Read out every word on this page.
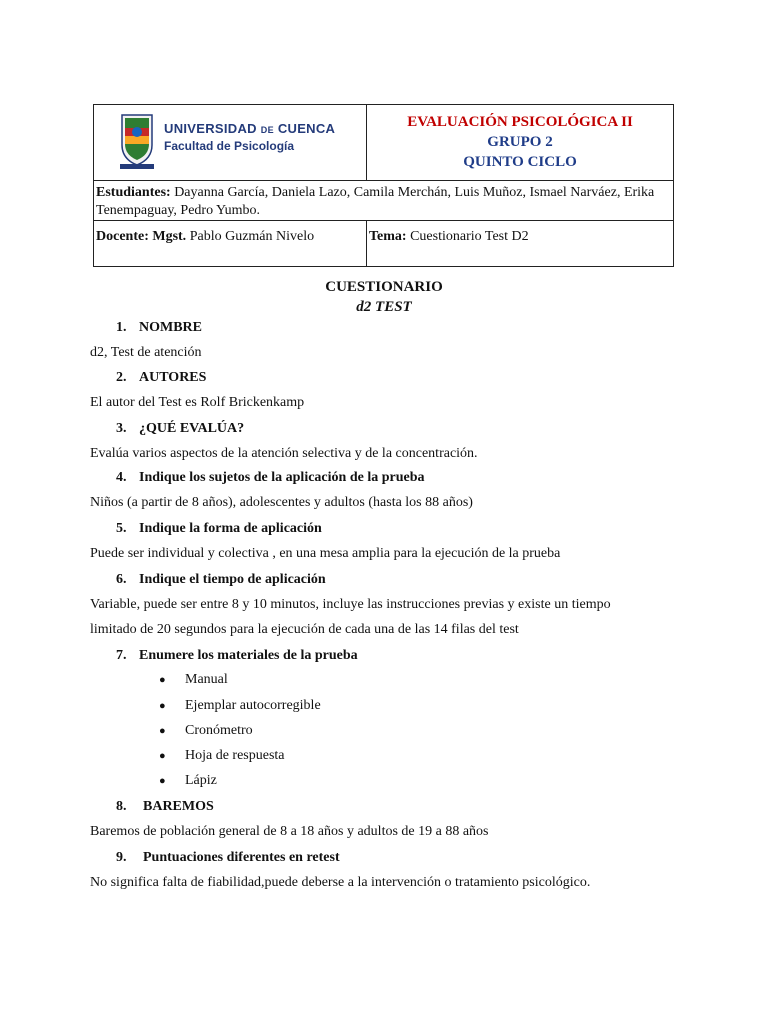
UNIVERSIDAD DE CUENCA
Facultad de Psicología	EVALUACIÓN PSICOLÓGICA II
GRUPO 2
QUINTO CICLO

Estudiantes: Dayanna García, Daniela Lazo, Camila Merchán, Luis Muñoz, Ismael Narváez, Erika Tenempaguay, Pedro Yumbo.	
Docente: Mgst. Pablo Guzmán Nivelo	Tema: Cuestionario Test D2
CUESTIONARIO
d2 TEST
1. NOMBRE
d2, Test de atención
2. AUTORES
El autor del Test es Rolf Brickenkamp
3. ¿QUÉ EVALÚA?
Evalúa varios aspectos de la atención selectiva y de la concentración.
4. Indique los sujetos de la aplicación de la prueba
Niños (a partir de 8 años), adolescentes y adultos (hasta los 88 años)
5. Indique la forma de aplicación
Puede ser individual y colectiva , en una mesa amplia para la ejecución de la prueba
6. Indique el tiempo de aplicación
Variable, puede ser entre 8 y 10 minutos, incluye las instrucciones previas y existe un tiempo
limitado de 20 segundos para la ejecución de cada una de las 14 filas del test
7. Enumere los materiales de la prueba
● Manual
● Ejemplar autocorregible
● Cronómetro
● Hoja de respuesta
● Lápiz
8. BAREMOS
Baremos de población general de 8 a 18 años y adultos de 19 a 88 años
9. Puntuaciones diferentes en retest
No significa falta de fiabilidad,puede deberse a la intervención o tratamiento psicológico.
